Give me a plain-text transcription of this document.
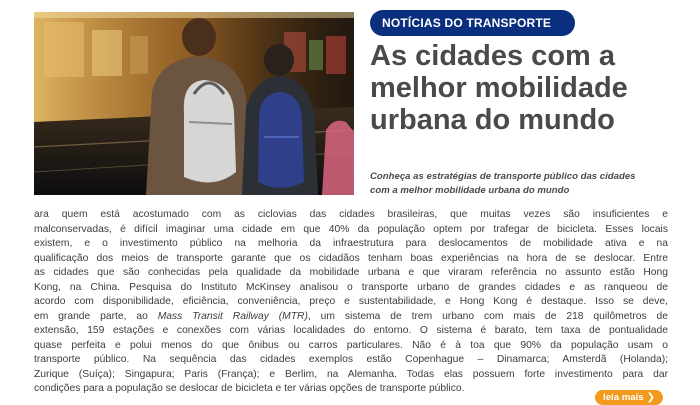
NOTÍCIAS DO TRANSPORTE
As cidades com a
melhor mobilidade
urbana do mundo

Conheça as estratégias de transporte público das cidades
com a melhor mobilidade urbana do mundo

ara quem está acostumado com as ciclovias das cidades brasileiras, que muitas vezes são insuficientes e
malconservadas, é difícil imaginar uma cidade em que 40% da população optem por trafegar de bicicleta. Esses locais
existem, e o investimento público na melhoria da infraestrutura para deslocamentos de mobilidade ativa e na
qualificação dos meios de transporte garante que os cidadãos tenham boas experiências na hora de se deslocar. Entre
as cidades que são conhecidas pela qualidade da mobilidade urbana e que viraram referência no assunto estão Hong
Kong, na China. Pesquisa do Instituto McKinsey analisou o transporte urbano de grandes cidades e as ranqueou de
acordo com disponibilidade, eficiência, conveniência, preço e sustentabilidade, e Hong Kong é destaque. Isso se deve,
em grande parte, ao Mass Transit Railway (MTR), um sistema de trem urbano com mais de 218 quilômetros de
extensão, 159 estações e conexões com várias localidades do entorno. O sistema é barato, tem taxa de pontualidade
quase perfeita e polui menos do que ônibus ou carros particulares. Não é à toa que 90% da população usam o
transporte público. Na sequência das cidades exemplos estão Copenhague – Dinamarca; Amsterdã (Holanda);
Zurique (Suíça); Singapura; Paris (França); e Berlim, na Alemanha. Todas elas possuem forte investimento para dar
condições para a população se deslocar de bicicleta e ter várias opções de transporte público.
leia mais ❯
